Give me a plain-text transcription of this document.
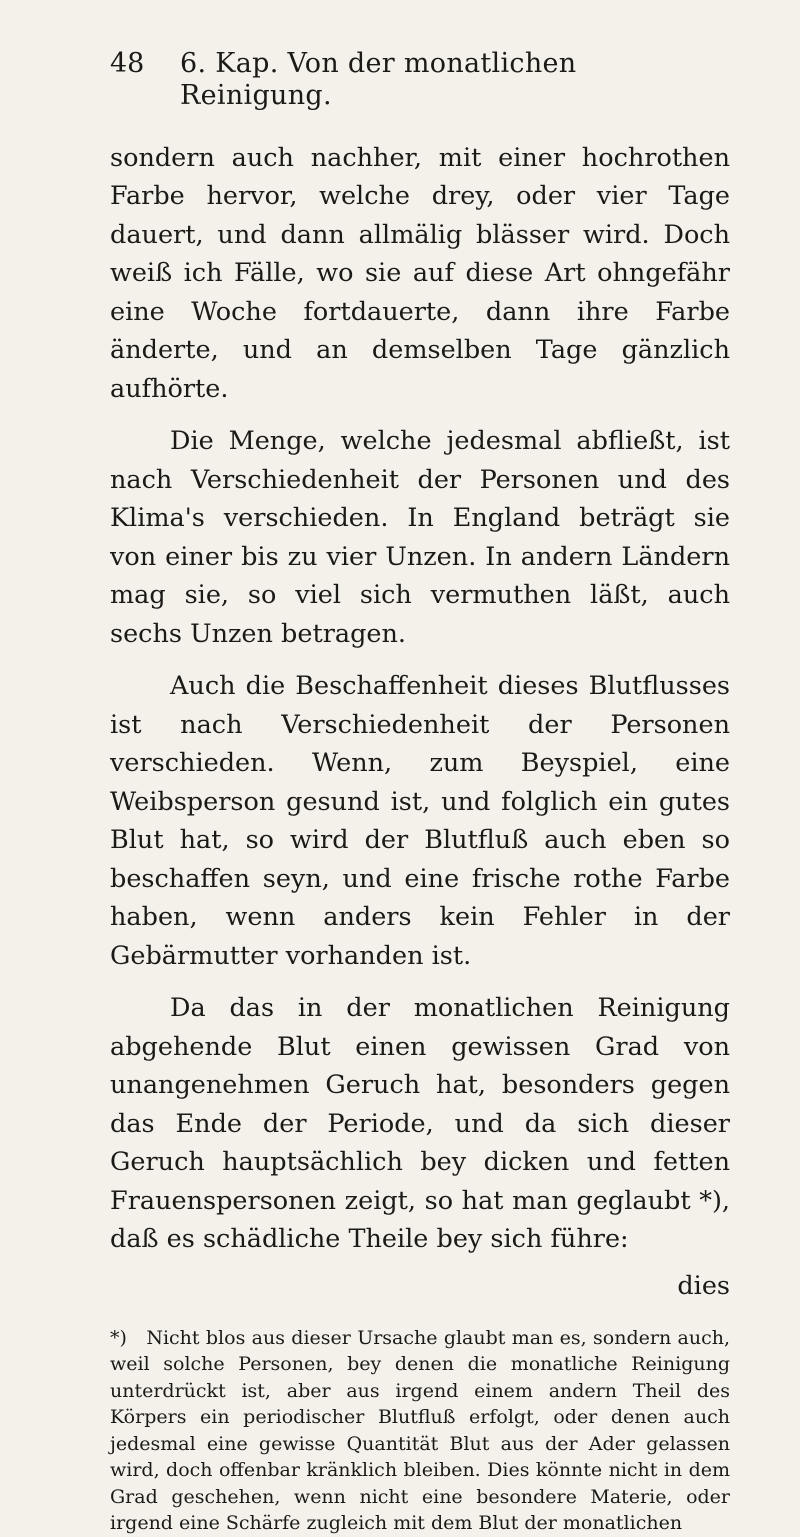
48	6. Kap. Von der monatlichen Reinigung.

sondern auch nachher, mit einer hochrothen Farbe hervor, welche drey, oder vier Tage dauert, und dann allmälig blässer wird. Doch weiß ich Fälle, wo sie auf diese Art ohngefähr eine Woche fortdauerte, dann ihre Farbe änderte, und an demselben Tage gänzlich aufhörte.

Die Menge, welche jedesmal abfließt, ist nach Verschiedenheit der Personen und des Klima's verschieden. In England beträgt sie von einer bis zu vier Unzen. In andern Ländern mag sie, so viel sich vermuthen läßt, auch sechs Unzen betragen.

Auch die Beschaffenheit dieses Blutflusses ist nach Verschiedenheit der Personen verschieden. Wenn, zum Beyspiel, eine Weibsperson gesund ist, und folglich ein gutes Blut hat, so wird der Blutfluß auch eben so beschaffen seyn, und eine frische rothe Farbe haben, wenn anders kein Fehler in der Gebärmutter vorhanden ist.

Da das in der monatlichen Reinigung abgehende Blut einen gewissen Grad von unangenehmen Geruch hat, besonders gegen das Ende der Periode, und da sich dieser Geruch hauptsächlich bey dicken und fetten Frauenspersonen zeigt, so hat man geglaubt *), daß es schädliche Theile bey sich führe:

dies

*) Nicht blos aus dieser Ursache glaubt man es, sondern auch, weil solche Personen, bey denen die monatliche Reinigung unterdrückt ist, aber aus irgend einem andern Theil des Körpers ein periodischer Blutfluß erfolgt, oder denen auch jedesmal eine gewisse Quantität Blut aus der Ader gelassen wird, doch offenbar kränklich bleiben. Dies könnte nicht in dem Grad geschehen, wenn nicht eine besondere Materie, oder irgend eine Schärfe zugleich mit dem Blut der monatlichen
